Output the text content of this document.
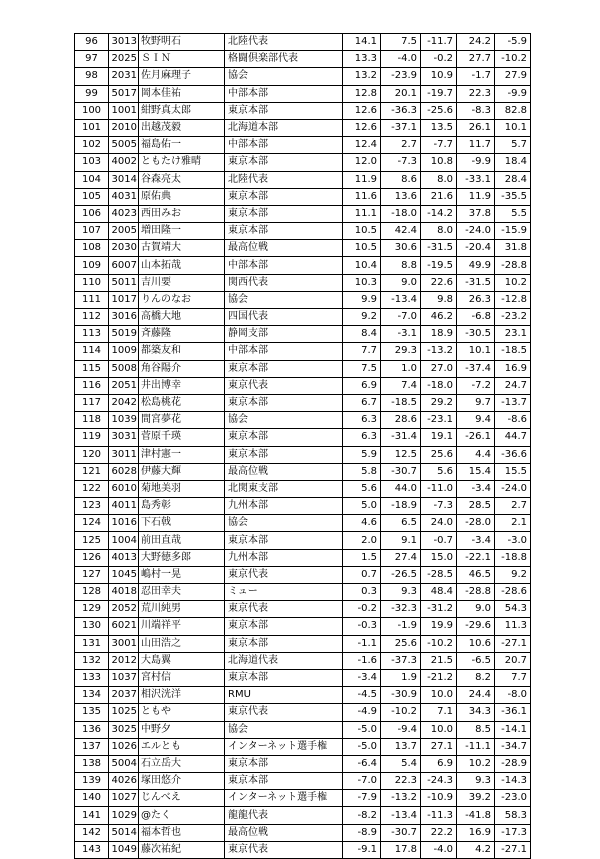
96	3013	牧野明石	北陸代表	14.1	7.5	-11.7	24.2	-5.9
97	2025	ＳＩＮ	格闘倶楽部代表	13.3	-4.0	-0.2	27.7	-10.2
98	2031	佐月麻理子	協会	13.2	-23.9	10.9	-1.7	27.9
99	5017	岡本佳祐	中部本部	12.8	20.1	-19.7	22.3	-9.9
100	1001	紺野真太郎	東京本部	12.6	-36.3	-25.6	-8.3	82.8
101	2010	出越茂毅	北海道本部	12.6	-37.1	13.5	26.1	10.1
102	5005	福島佑一	中部本部	12.4	2.7	-7.7	11.7	5.7
103	4002	ともたけ雅晴	東京本部	12.0	-7.3	10.8	-9.9	18.4
104	3014	谷森亮太	北陸代表	11.9	8.6	8.0	-33.1	28.4
105	4031	原佑典	東京本部	11.6	13.6	21.6	11.9	-35.5
106	4023	西田みお	東京本部	11.1	-18.0	-14.2	37.8	5.5
107	2005	増田隆一	東京本部	10.5	42.4	8.0	-24.0	-15.9
108	2030	古賀靖大	最高位戦	10.5	30.6	-31.5	-20.4	31.8
109	6007	山本拓哉	中部本部	10.4	8.8	-19.5	49.9	-28.8
110	5011	吉川要	関西代表	10.3	9.0	22.6	-31.5	10.2
111	1017	りんのなお	協会	9.9	-13.4	9.8	26.3	-12.8
112	3016	高橋大地	四国代表	9.2	-7.0	46.2	-6.8	-23.2
113	5019	斉藤隆	静岡支部	8.4	-3.1	18.9	-30.5	23.1
114	1009	都築友和	中部本部	7.7	29.3	-13.2	10.1	-18.5
115	5008	角谷陽介	東京本部	7.5	1.0	27.0	-37.4	16.9
116	2051	井出博幸	東京代表	6.9	7.4	-18.0	-7.2	24.7
117	2042	松島桃花	東京本部	6.7	-18.5	29.2	9.7	-13.7
118	1039	間宮夢花	協会	6.3	28.6	-23.1	9.4	-8.6
119	3031	菅原千瑛	東京本部	6.3	-31.4	19.1	-26.1	44.7
120	3011	津村憲一	東京本部	5.9	12.5	25.6	4.4	-36.6
121	6028	伊藤大輝	最高位戦	5.8	-30.7	5.6	15.4	15.5
122	6010	菊地美羽	北関東支部	5.6	44.0	-11.0	-3.4	-24.0
123	4011	島秀彰	九州本部	5.0	-18.9	-7.3	28.5	2.7
124	1016	下石戟	協会	4.6	6.5	24.0	-28.0	2.1
125	1004	前田直哉	東京本部	2.0	9.1	-0.7	-3.4	-3.0
126	4013	大野徳多郎	九州本部	1.5	27.4	15.0	-22.1	-18.8
127	1045	嶋村一晃	東京代表	0.7	-26.5	-28.5	46.5	9.2
128	4018	忍田幸夫	ミュー	0.3	9.3	48.4	-28.8	-28.6
129	2052	荒川純男	東京代表	-0.2	-32.3	-31.2	9.0	54.3
130	6021	川端祥平	東京本部	-0.3	-1.9	19.9	-29.6	11.3
131	3001	山田浩之	東京本部	-1.1	25.6	-10.2	10.6	-27.1
132	2012	大島翼	北海道代表	-1.6	-37.3	21.5	-6.5	20.7
133	1037	宮村信	東京本部	-3.4	1.9	-21.2	8.2	7.7
134	2037	相沢洸洋	RMU	-4.5	-30.9	10.0	24.4	-8.0
135	1025	ともや	東京代表	-4.9	-10.2	7.1	34.3	-36.1
136	3025	中野夕	協会	-5.0	-9.4	10.0	8.5	-14.1
137	1026	エルとも	インターネット選手権	-5.0	13.7	27.1	-11.1	-34.7
138	5004	石立岳大	東京本部	-6.4	5.4	6.9	10.2	-28.9
139	4026	塚田悠介	東京本部	-7.0	22.3	-24.3	9.3	-14.3
140	1027	じんべえ	インターネット選手権	-7.9	-13.2	-10.9	39.2	-23.0
141	1029	@たく	龍龍代表	-8.2	-13.4	-11.3	-41.8	58.3
142	5014	福本哲也	最高位戦	-8.9	-30.7	22.2	16.9	-17.3
143	1049	藤次祐紀	東京代表	-9.1	17.8	-4.0	4.2	-27.1
